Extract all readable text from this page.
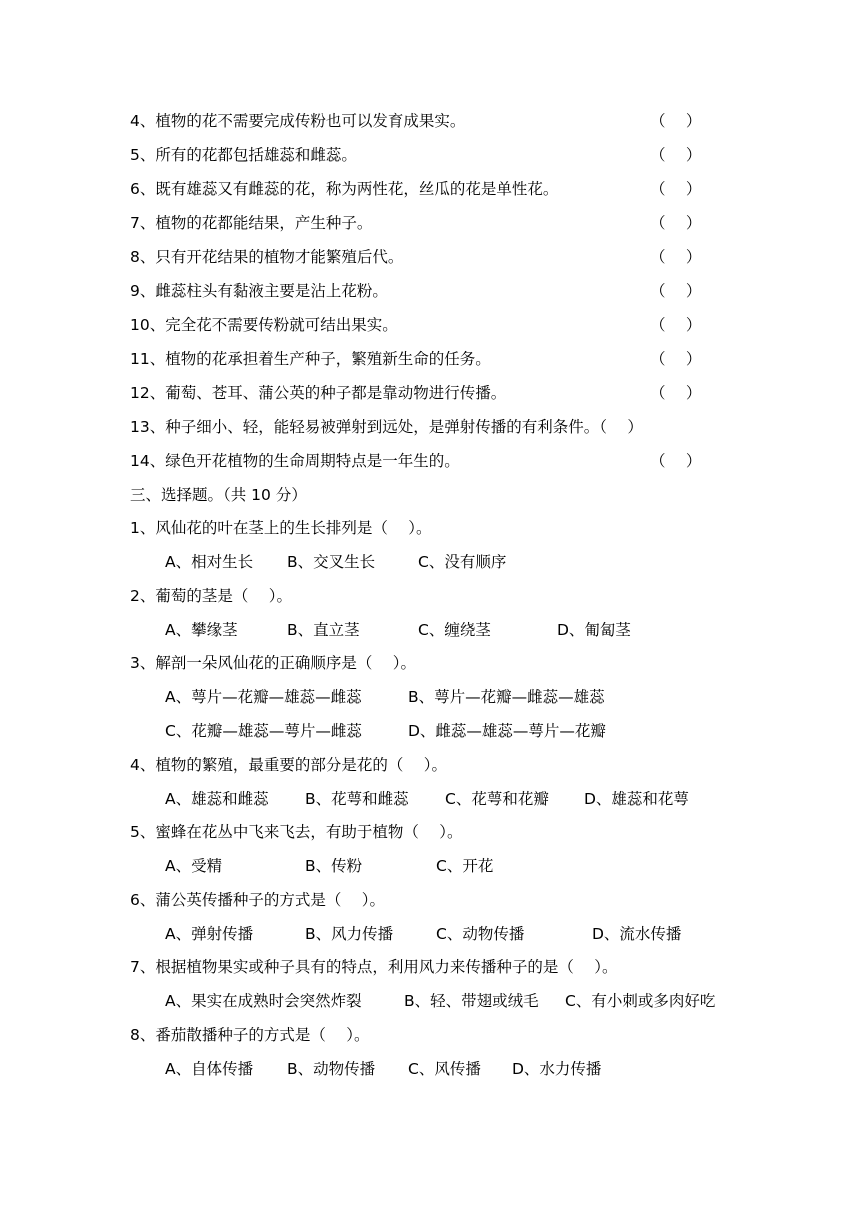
4、植物的花不需要完成传粉也可以发育成果实。	（　 ）
5、所有的花都包括雄蕊和雌蕊。	（　 ）
6、既有雄蕊又有雌蕊的花，称为两性花，丝瓜的花是单性花。	（　 ）
7、植物的花都能结果，产生种子。	（　 ）
8、只有开花结果的植物才能繁殖后代。	（　 ）
9、雌蕊柱头有黏液主要是沾上花粉。	（　 ）
10、完全花不需要传粉就可结出果实。	（　 ）
11、植物的花承担着生产种子，繁殖新生命的任务。	（　 ）
12、葡萄、苍耳、蒲公英的种子都是靠动物进行传播。	（　 ）
13、种子细小、轻，能轻易被弹射到远处，是弹射传播的有利条件。（　 ）
14、绿色开花植物的生命周期特点是一年生的。	（　 ）
三、选择题。（共 10 分）
1、风仙花的叶在茎上的生长排列是（　 ）。
A、相对生长 B、交叉生长	C、没有顺序
2、葡萄的茎是（　 ）。
A、攀缘茎	B、直立茎	C、缠绕茎	D、匍匐茎
3、解剖一朵风仙花的正确顺序是（　 ）。
A、萼片—花瓣—雄蕊—雌蕊	B、萼片—花瓣—雌蕊—雄蕊
C、花瓣—雄蕊—萼片—雌蕊	D、雌蕊—雄蕊—萼片—花瓣
4、植物的繁殖，最重要的部分是花的（　 ）。
A、雄蕊和雌蕊 B、花萼和雌蕊 C、花萼和花瓣 D、雄蕊和花萼
5、蜜蜂在花丛中飞来飞去，有助于植物（　 ）。
A、受精	B、传粉	C、开花
6、蒲公英传播种子的方式是（　 ）。
A、弹射传播	B、风力传播	C、动物传播	D、流水传播
7、根据植物果实或种子具有的特点，利用风力来传播种子的是（　 ）。
A、果实在成熟时会突然炸裂	B、轻、带翅或绒毛 C、有小刺或多肉好吃
8、番茄散播种子的方式是（　 ）。
A、自体传播 B、动物传播 C、风传播 D、水力传播
